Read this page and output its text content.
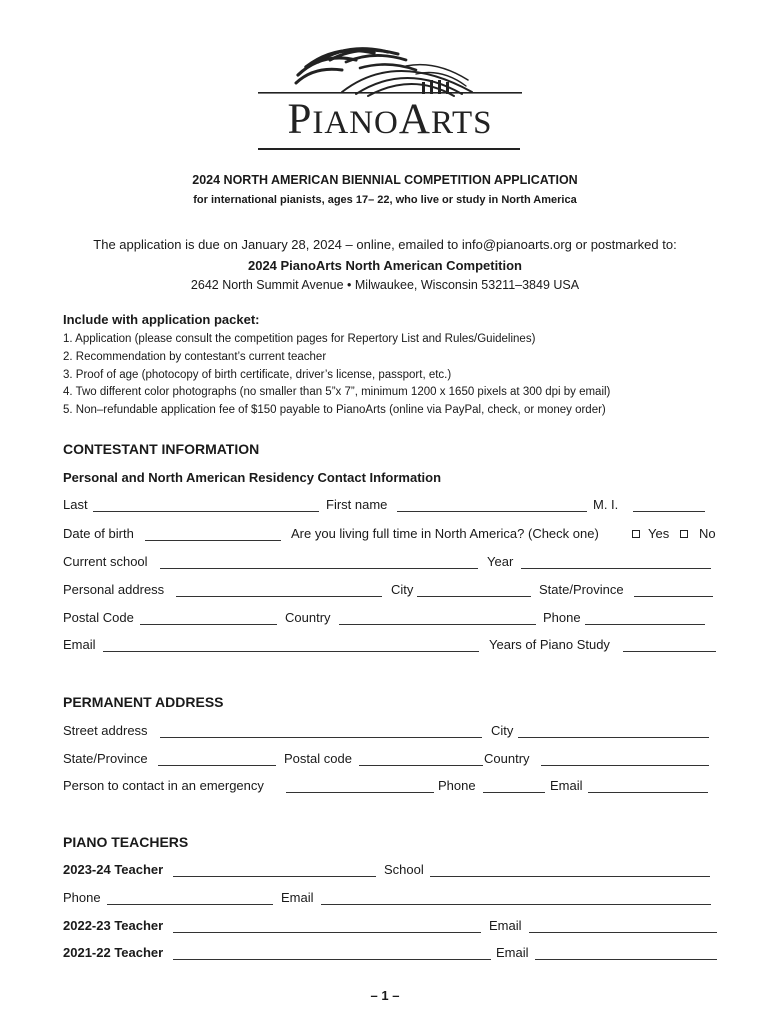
PIANOARTS
2024 NORTH AMERICAN BIENNIAL COMPETITION APPLICATION
for international pianists, ages 17– 22, who live or study in North America
The application is due on January 28, 2024 – online, emailed to info@pianoarts.org or postmarked to:
2024 PianoArts North American Competition
2642 North Summit Avenue • Milwaukee, Wisconsin 53211–3849 USA
Include with application packet:
1. Application (please consult the competition pages for Repertory List and Rules/Guidelines)
2. Recommendation by contestant’s current teacher
3. Proof of age (photocopy of birth certificate, driver’s license, passport, etc.)
4. Two different color photographs (no smaller than 5”x 7”, minimum 1200 x 1650 pixels at 300 dpi by email)
5. Non–refundable application fee of $150 payable to PianoArts (online via PayPal, check, or money order)
CONTESTANT INFORMATION
Personal and North American Residency Contact Information
Last	First name	M. I.
Date of birth	Are you living full time in North America? (Check one)	Yes No
Current school	Year
Personal address	City	State/Province
Postal Code	Country	Phone
Email	Years of Piano Study
PERMANENT ADDRESS
Street address	City
State/Province	Postal code	Country
Person to contact in an emergency	Phone	Email
PIANO TEACHERS
2023-24 Teacher	School
Phone	Email
2022-23 Teacher	Email
2021-22 Teacher	Email
– 1 –
